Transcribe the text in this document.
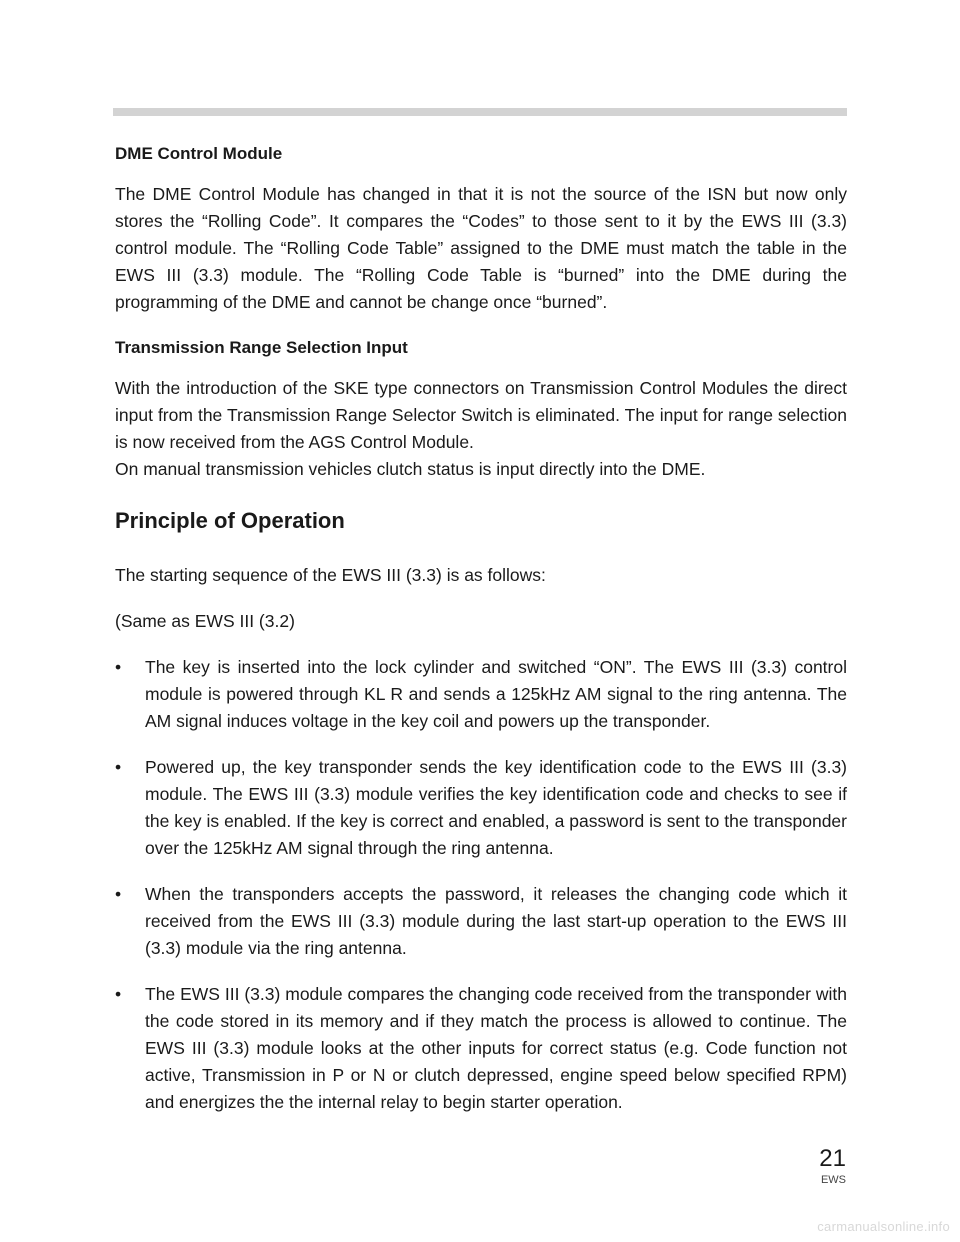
DME Control Module

The DME Control Module has changed in that it is not the source of the ISN but now only stores the “Rolling Code”. It compares the “Codes” to those sent to it by the EWS III (3.3) control module. The “Rolling Code Table” assigned to the DME must match the table in the EWS III (3.3) module. The “Rolling Code Table is “burned” into the DME during the programming of the DME and cannot be change once “burned”.

Transmission Range Selection Input

With the introduction of the SKE type connectors on Transmission Control Modules the direct input from the Transmission Range Selector Switch is eliminated. The input for range selection is now received from the AGS Control Module.

On manual transmission vehicles clutch status is input directly into the DME.

Principle of Operation

The starting sequence of the EWS III (3.3) is as follows:

(Same as EWS III (3.2)

•	The key is inserted into the lock cylinder and switched “ON”. The EWS III (3.3) control module is powered through KL R and sends a 125kHz AM signal to the ring antenna. The AM signal induces voltage in the key coil and powers up the transponder.
•	Powered up, the key transponder sends the key identification code to the EWS III (3.3) module. The EWS III (3.3) module verifies the key identification code and checks to see if the key is enabled. If the key is correct and enabled, a password is sent to the transponder over the 125kHz AM signal through the ring antenna.
•	When the transponders accepts the password, it releases the changing code which it received from the EWS III (3.3) module during the last start-up operation to the EWS III (3.3) module via the ring antenna.
•	The EWS III (3.3) module compares the changing code received from the transponder with the code stored in its memory and if they match the process is allowed to continue. The EWS III (3.3) module looks at the other inputs for correct status (e.g. Code function not active, Transmission in P or N or clutch depressed, engine speed below specified RPM) and energizes the the internal relay to begin starter operation.
21
EWS
carmanualsonline.info
